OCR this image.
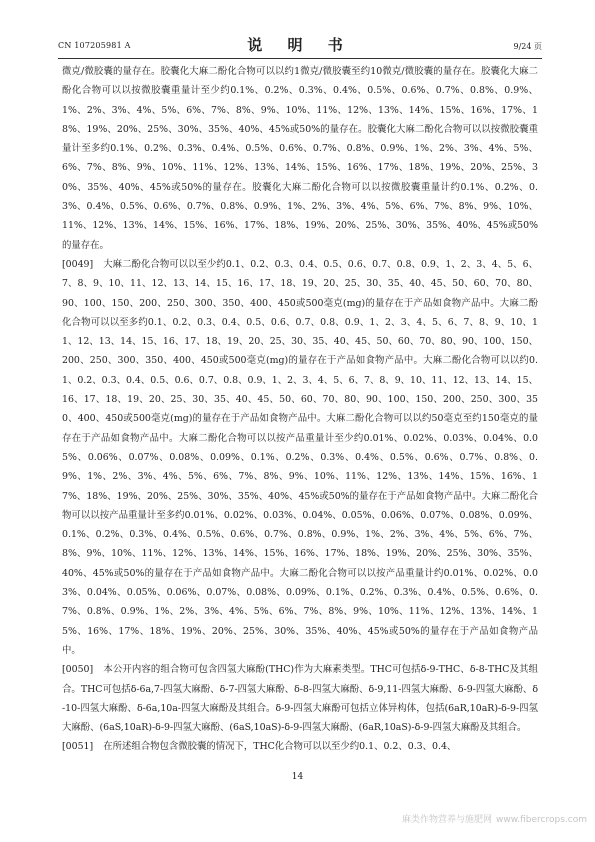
CN 107205981 A	说 明 书	9/24 页

微克/微胶囊的量存在。胶囊化大麻二酚化合物可以以约1微克/微胶囊至约10微克/微胶囊的量存在。胶囊化大麻二酚化合物可以以按微胶囊重量计至少约0.1%、0.2%、0.3%、0.4%、0.5%、0.6%、0.7%、0.8%、0.9%、1%、2%、3%、4%、5%、6%、7%、8%、9%、10%、11%、12%、13%、14%、15%、16%、17%、18%、19%、20%、25%、30%、35%、40%、45%或50%的量存在。胶囊化大麻二酚化合物可以以按微胶囊重量计至多约0.1%、0.2%、0.3%、0.4%、0.5%、0.6%、0.7%、0.8%、0.9%、1%、2%、3%、4%、5%、6%、7%、8%、9%、10%、11%、12%、13%、14%、15%、16%、17%、18%、19%、20%、25%、30%、35%、40%、45%或50%的量存在。胶囊化大麻二酚化合物可以以按微胶囊重量计约0.1%、0.2%、0.3%、0.4%、0.5%、0.6%、0.7%、0.8%、0.9%、1%、2%、3%、4%、5%、6%、7%、8%、9%、10%、11%、12%、13%、14%、15%、16%、17%、18%、19%、20%、25%、30%、35%、40%、45%或50%的量存在。

[0049] 大麻二酚化合物可以以至少约0.1、0.2、0.3、0.4、0.5、0.6、0.7、0.8、0.9、1、2、3、4、5、6、7、8、9、10、11、12、13、14、15、16、17、18、19、20、25、30、35、40、45、50、60、70、80、90、100、150、200、250、300、350、400、450或500毫克(mg)的量存在于产品如食物产品中。大麻二酚化合物可以以至多约0.1、0.2、0.3、0.4、0.5、0.6、0.7、0.8、0.9、1、2、3、4、5、6、7、8、9、10、11、12、13、14、15、16、17、18、19、20、25、30、35、40、45、50、60、70、80、90、100、150、200、250、300、350、400、450或500毫克(mg)的量存在于产品如食物产品中。大麻二酚化合物可以以约0.1、0.2、0.3、0.4、0.5、0.6、0.7、0.8、0.9、1、2、3、4、5、6、7、8、9、10、11、12、13、14、15、16、17、18、19、20、25、30、35、40、45、50、60、70、80、90、100、150、200、250、300、350、400、450或500毫克(mg)的量存在于产品如食物产品中。大麻二酚化合物可以以约50毫克至约150毫克的量存在于产品如食物产品中。大麻二酚化合物可以以按产品重量计至少约0.01%、0.02%、0.03%、0.04%、0.05%、0.06%、0.07%、0.08%、0.09%、0.1%、0.2%、0.3%、0.4%、0.5%、0.6%、0.7%、0.8%、0.9%、1%、2%、3%、4%、5%、6%、7%、8%、9%、10%、11%、12%、13%、14%、15%、16%、17%、18%、19%、20%、25%、30%、35%、40%、45%或50%的量存在于产品如食物产品中。大麻二酚化合物可以以按产品重量计至多约0.01%、0.02%、0.03%、0.04%、0.05%、0.06%、0.07%、0.08%、0.09%、0.1%、0.2%、0.3%、0.4%、0.5%、0.6%、0.7%、0.8%、0.9%、1%、2%、3%、4%、5%、6%、7%、8%、9%、10%、11%、12%、13%、14%、15%、16%、17%、18%、19%、20%、25%、30%、35%、40%、45%或50%的量存在于产品如食物产品中。大麻二酚化合物可以以按产品重量计约0.01%、0.02%、0.03%、0.04%、0.05%、0.06%、0.07%、0.08%、0.09%、0.1%、0.2%、0.3%、0.4%、0.5%、0.6%、0.7%、0.8%、0.9%、1%、2%、3%、4%、5%、6%、7%、8%、9%、10%、11%、12%、13%、14%、15%、16%、17%、18%、19%、20%、25%、30%、35%、40%、45%或50%的量存在于产品如食物产品中。

[0050] 本公开内容的组合物可包含四氢大麻酚(THC)作为大麻素类型。THC可包括δ-9-THC、δ-8-THC及其组合。THC可包括δ-6a,7-四氢大麻酚、δ-7-四氢大麻酚、δ-8-四氢大麻酚、δ-9,11-四氢大麻酚、δ-9-四氢大麻酚、δ-10-四氢大麻酚、δ-6a,10a-四氢大麻酚及其组合。δ-9-四氢大麻酚可包括立体异构体，包括(6aR,10aR)-δ-9-四氢大麻酚、(6aS,10aR)-δ-9-四氢大麻酚、(6aS,10aS)-δ-9-四氢大麻酚、(6aR,10aS)-δ-9-四氢大麻酚及其组合。

[0051] 在所述组合物包含微胶囊的情况下，THC化合物可以以至少约0.1、0.2、0.3、0.4、

14
麻类作物营养与施肥网 www.fibercrops.com
